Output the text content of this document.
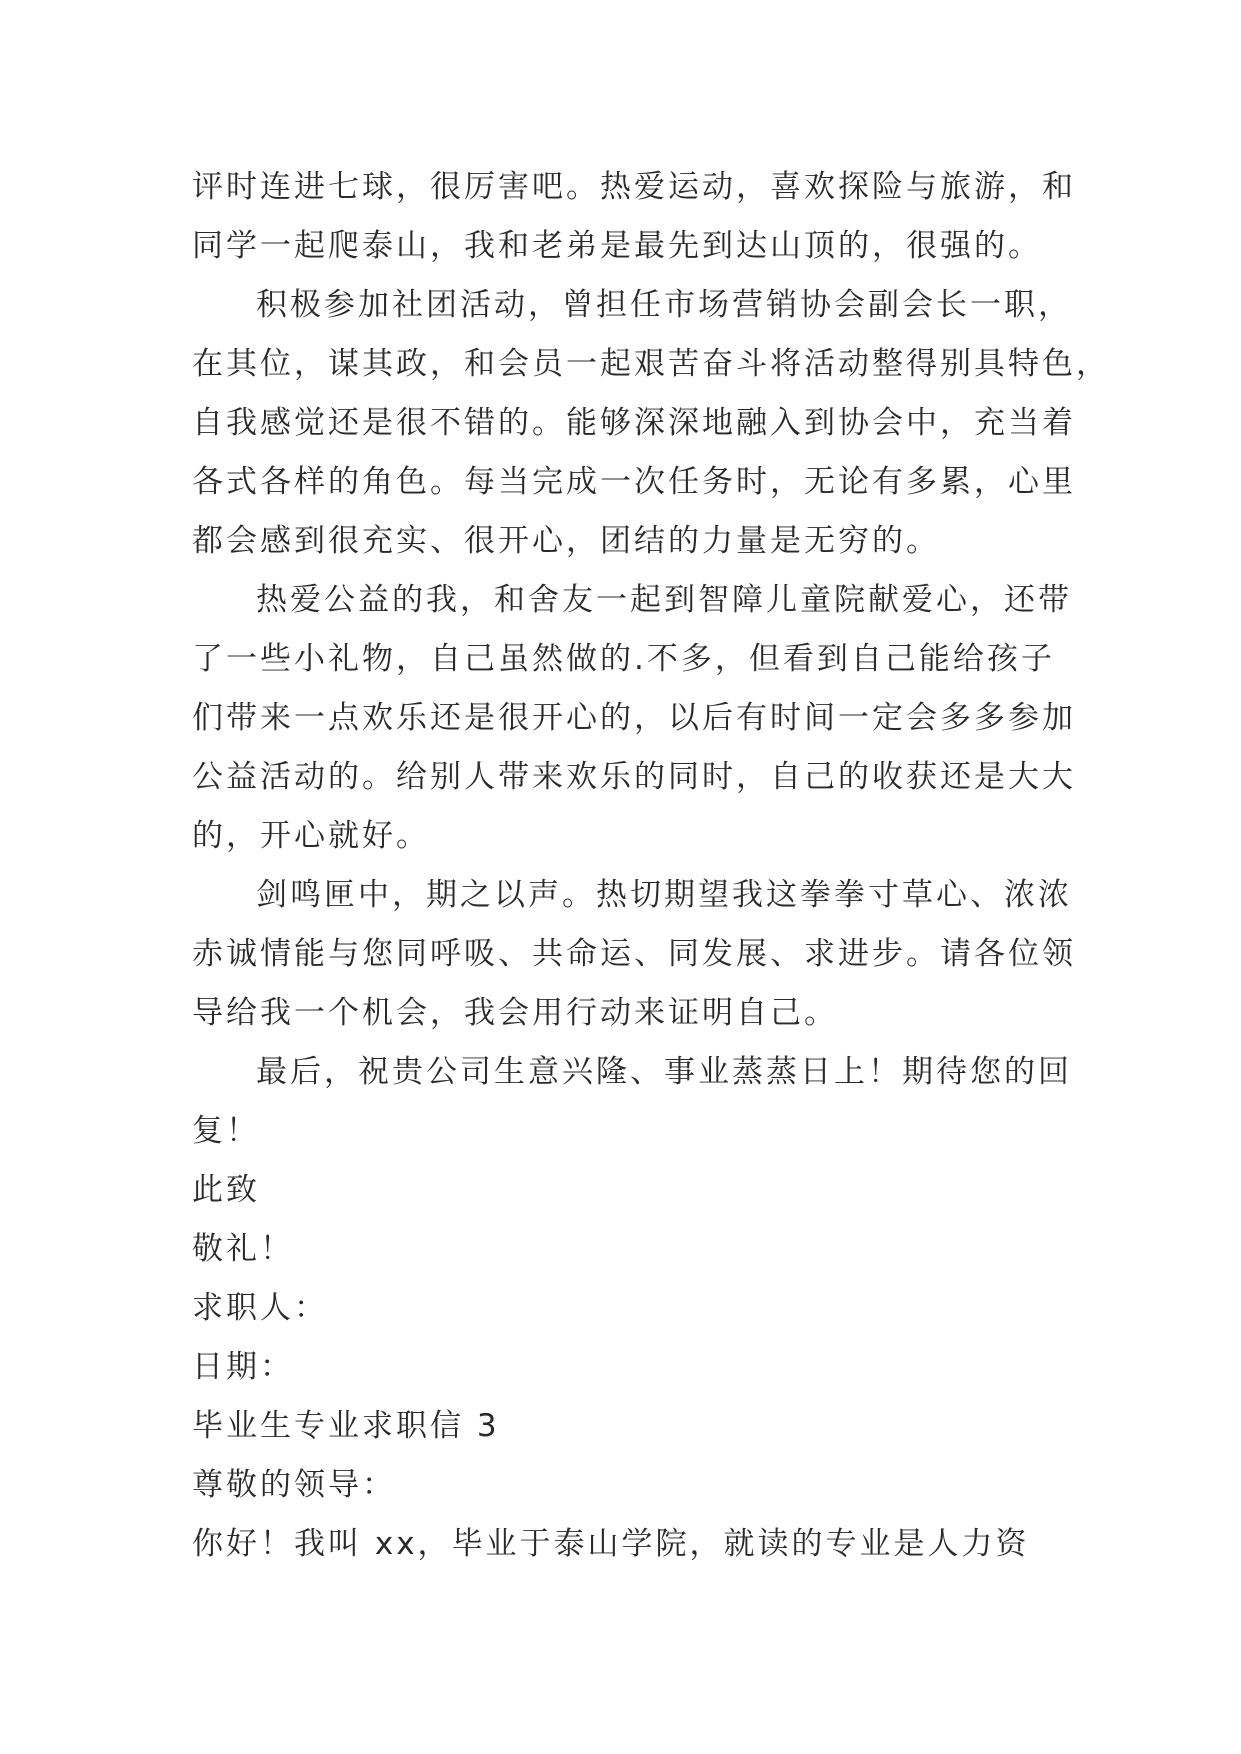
评时连进七球，很厉害吧。热爱运动，喜欢探险与旅游，和
同学一起爬泰山，我和老弟是最先到达山顶的，很强的。

积极参加社团活动，曾担任市场营销协会副会长一职，
在其位，谋其政，和会员一起艰苦奋斗将活动整得别具特色，
自我感觉还是很不错的。能够深深地融入到协会中，充当着
各式各样的角色。每当完成一次任务时，无论有多累，心里
都会感到很充实、很开心，团结的力量是无穷的。

热爱公益的我，和舍友一起到智障儿童院献爱心，还带
了一些小礼物，自己虽然做的.不多，但看到自己能给孩子
们带来一点欢乐还是很开心的，以后有时间一定会多多参加
公益活动的。给别人带来欢乐的同时，自己的收获还是大大
的，开心就好。

剑鸣匣中，期之以声。热切期望我这拳拳寸草心、浓浓
赤诚情能与您同呼吸、共命运、同发展、求进步。请各位领
导给我一个机会，我会用行动来证明自己。

最后，祝贵公司生意兴隆、事业蒸蒸日上！期待您的回
复！

此致

敬礼！

求职人：

日期：

毕业生专业求职信 3

尊敬的领导：

你好！我叫 xx，毕业于泰山学院，就读的专业是人力资
